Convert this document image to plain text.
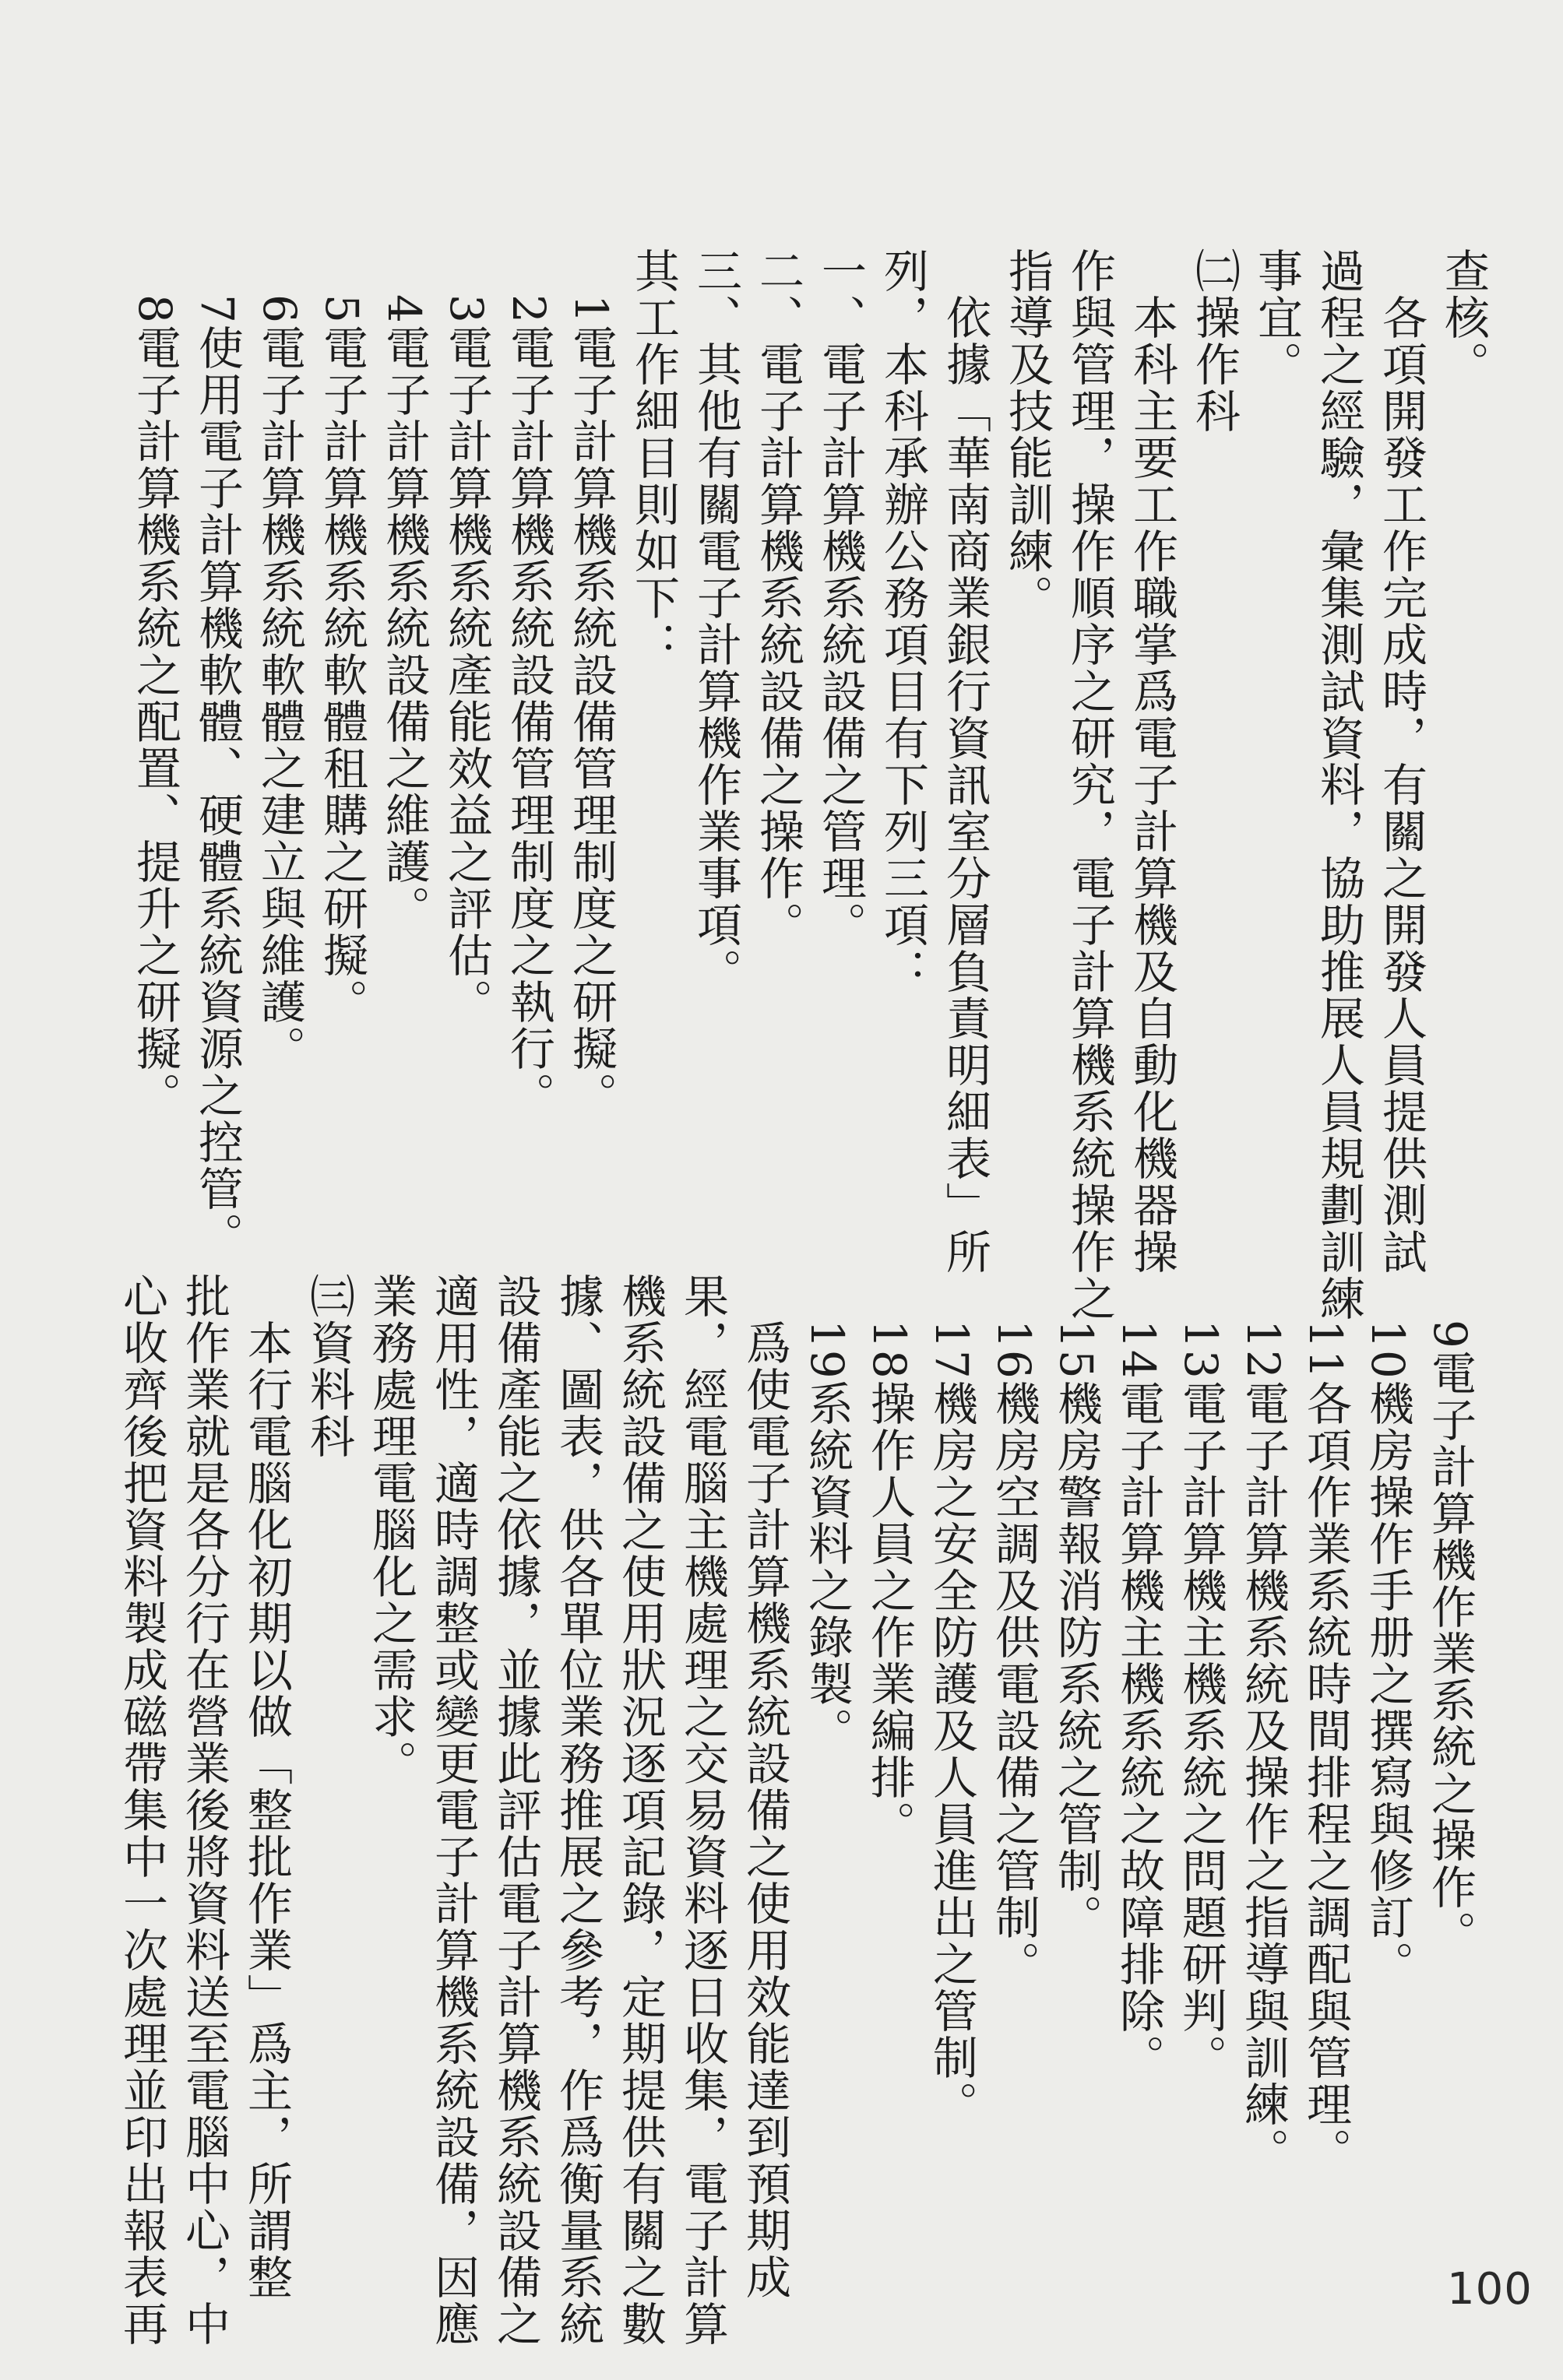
查核。
　各項開發工作完成時，有關之開發人員提供測試
過程之經驗，彙集測試資料，協助推展人員規劃訓練
事宜。
㈡操作科
　本科主要工作職掌爲電子計算機及自動化機器操
作與管理，操作順序之研究，電子計算機系統操作之
指導及技能訓練。
　依據「華南商業銀行資訊室分層負責明細表」所
列，本科承辦公務項目有下列三項：
一、電子計算機系統設備之管理。
二、電子計算機系統設備之操作。
三、其他有關電子計算機作業事項。
其工作細目則如下：
　1電子計算機系統設備管理制度之研擬。
　2電子計算機系統設備管理制度之執行。
　3電子計算機系統產能效益之評估。
　4電子計算機系統設備之維護。
　5電子計算機系統軟體租購之研擬。
　6電子計算機系統軟體之建立與維護。
　7使用電子計算機軟體、硬體系統資源之控管。
　8電子計算機系統之配置、提升之研擬。
　9電子計算機作業系統之操作。
　10機房操作手册之撰寫與修訂。
　11各項作業系統時間排程之調配與管理。
　12電子計算機系統及操作之指導與訓練。
　13電子計算機主機系統之問題研判。
　14電子計算機主機系統之故障排除。
　15機房警報消防系統之管制。
　16機房空調及供電設備之管制。
　17機房之安全防護及人員進出之管制。
　18操作人員之作業編排。
　19系統資料之錄製。
　爲使電子計算機系統設備之使用效能達到預期成
果，經電腦主機處理之交易資料逐日收集，電子計算
機系統設備之使用狀況逐項記錄，定期提供有關之數
據、圖表，供各單位業務推展之參考，作爲衡量系統
設備產能之依據，並據此評估電子計算機系統設備之
適用性，適時調整或變更電子計算機系統設備，因應
業務處理電腦化之需求。
㈢資料科
　本行電腦化初期以做「整批作業」爲主，所謂整
批作業就是各分行在營業後將資料送至電腦中心，中
心收齊後把資料製成磁帶集中一次處理並印出報表再	100
